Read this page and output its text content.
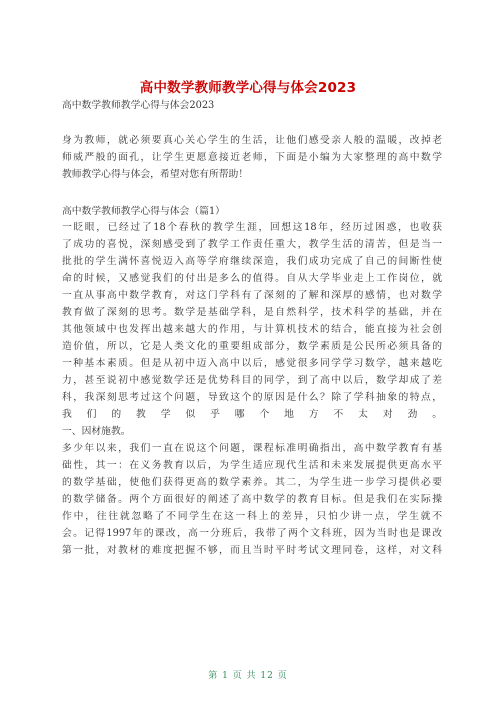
高中数学教师教学心得与体会2023
高中数学教师教学心得与体会2023
身为教师，就必须要真心关心学生的生活，让他们感受亲人般的温暖，改掉老
师威严般的面孔，让学生更愿意接近老师，下面是小编为大家整理的高中数学
教师教学心得与体会，希望对您有所帮助！
高中数学教师教学心得与体会（篇1）
一眨眼，已经过了18个春秋的教学生涯，回想这18年，经历过困惑，也收获
了成功的喜悦，深刻感受到了教学工作责任重大，教学生活的清苦，但是当一
批批的学生满怀喜悦迈入高等学府继续深造，我们成功完成了自己的间断性使
命的时候，又感觉我们的付出是多么的值得。自从大学毕业走上工作岗位，就
一直从事高中数学教育，对这门学科有了深刻的了解和深厚的感情，也对数学
教育做了深刻的思考。数学是基础学科，是自然科学，技术科学的基础，并在
其他领域中也发挥出越来越大的作用，与计算机技术的结合，能直接为社会创
造价值，所以，它是人类文化的重要组成部分，数学素质是公民所必须具备的
一种基本素质。但是从初中迈入高中以后，感觉很多同学学习数学，越来越吃
力，甚至说初中感觉数学还是优势科目的同学，到了高中以后，数学却成了差
科，我深刻思考过这个问题，导致这个的原因是什么？除了学科抽象的特点，
我们的教学似乎哪个地方不太对劲。
一、因材施教。
多少年以来，我们一直在说这个问题，课程标准明确指出，高中数学教育有基
础性，其一：在义务教育以后，为学生适应现代生活和未来发展提供更高水平
的数学基础，使他们获得更高的数学素养。其二，为学生进一步学习提供必要
的数学储备。两个方面很好的阐述了高中数学的教育目标。但是我们在实际操
作中，往往就忽略了不同学生在这一科上的差异，只怕少讲一点，学生就不
会。记得1997年的课改，高一分班后，我带了两个文科班，因为当时也是课改
第一批，对教材的难度把握不够，而且当时平时考试文理同卷，这样，对文科
第 1 页 共 12 页
